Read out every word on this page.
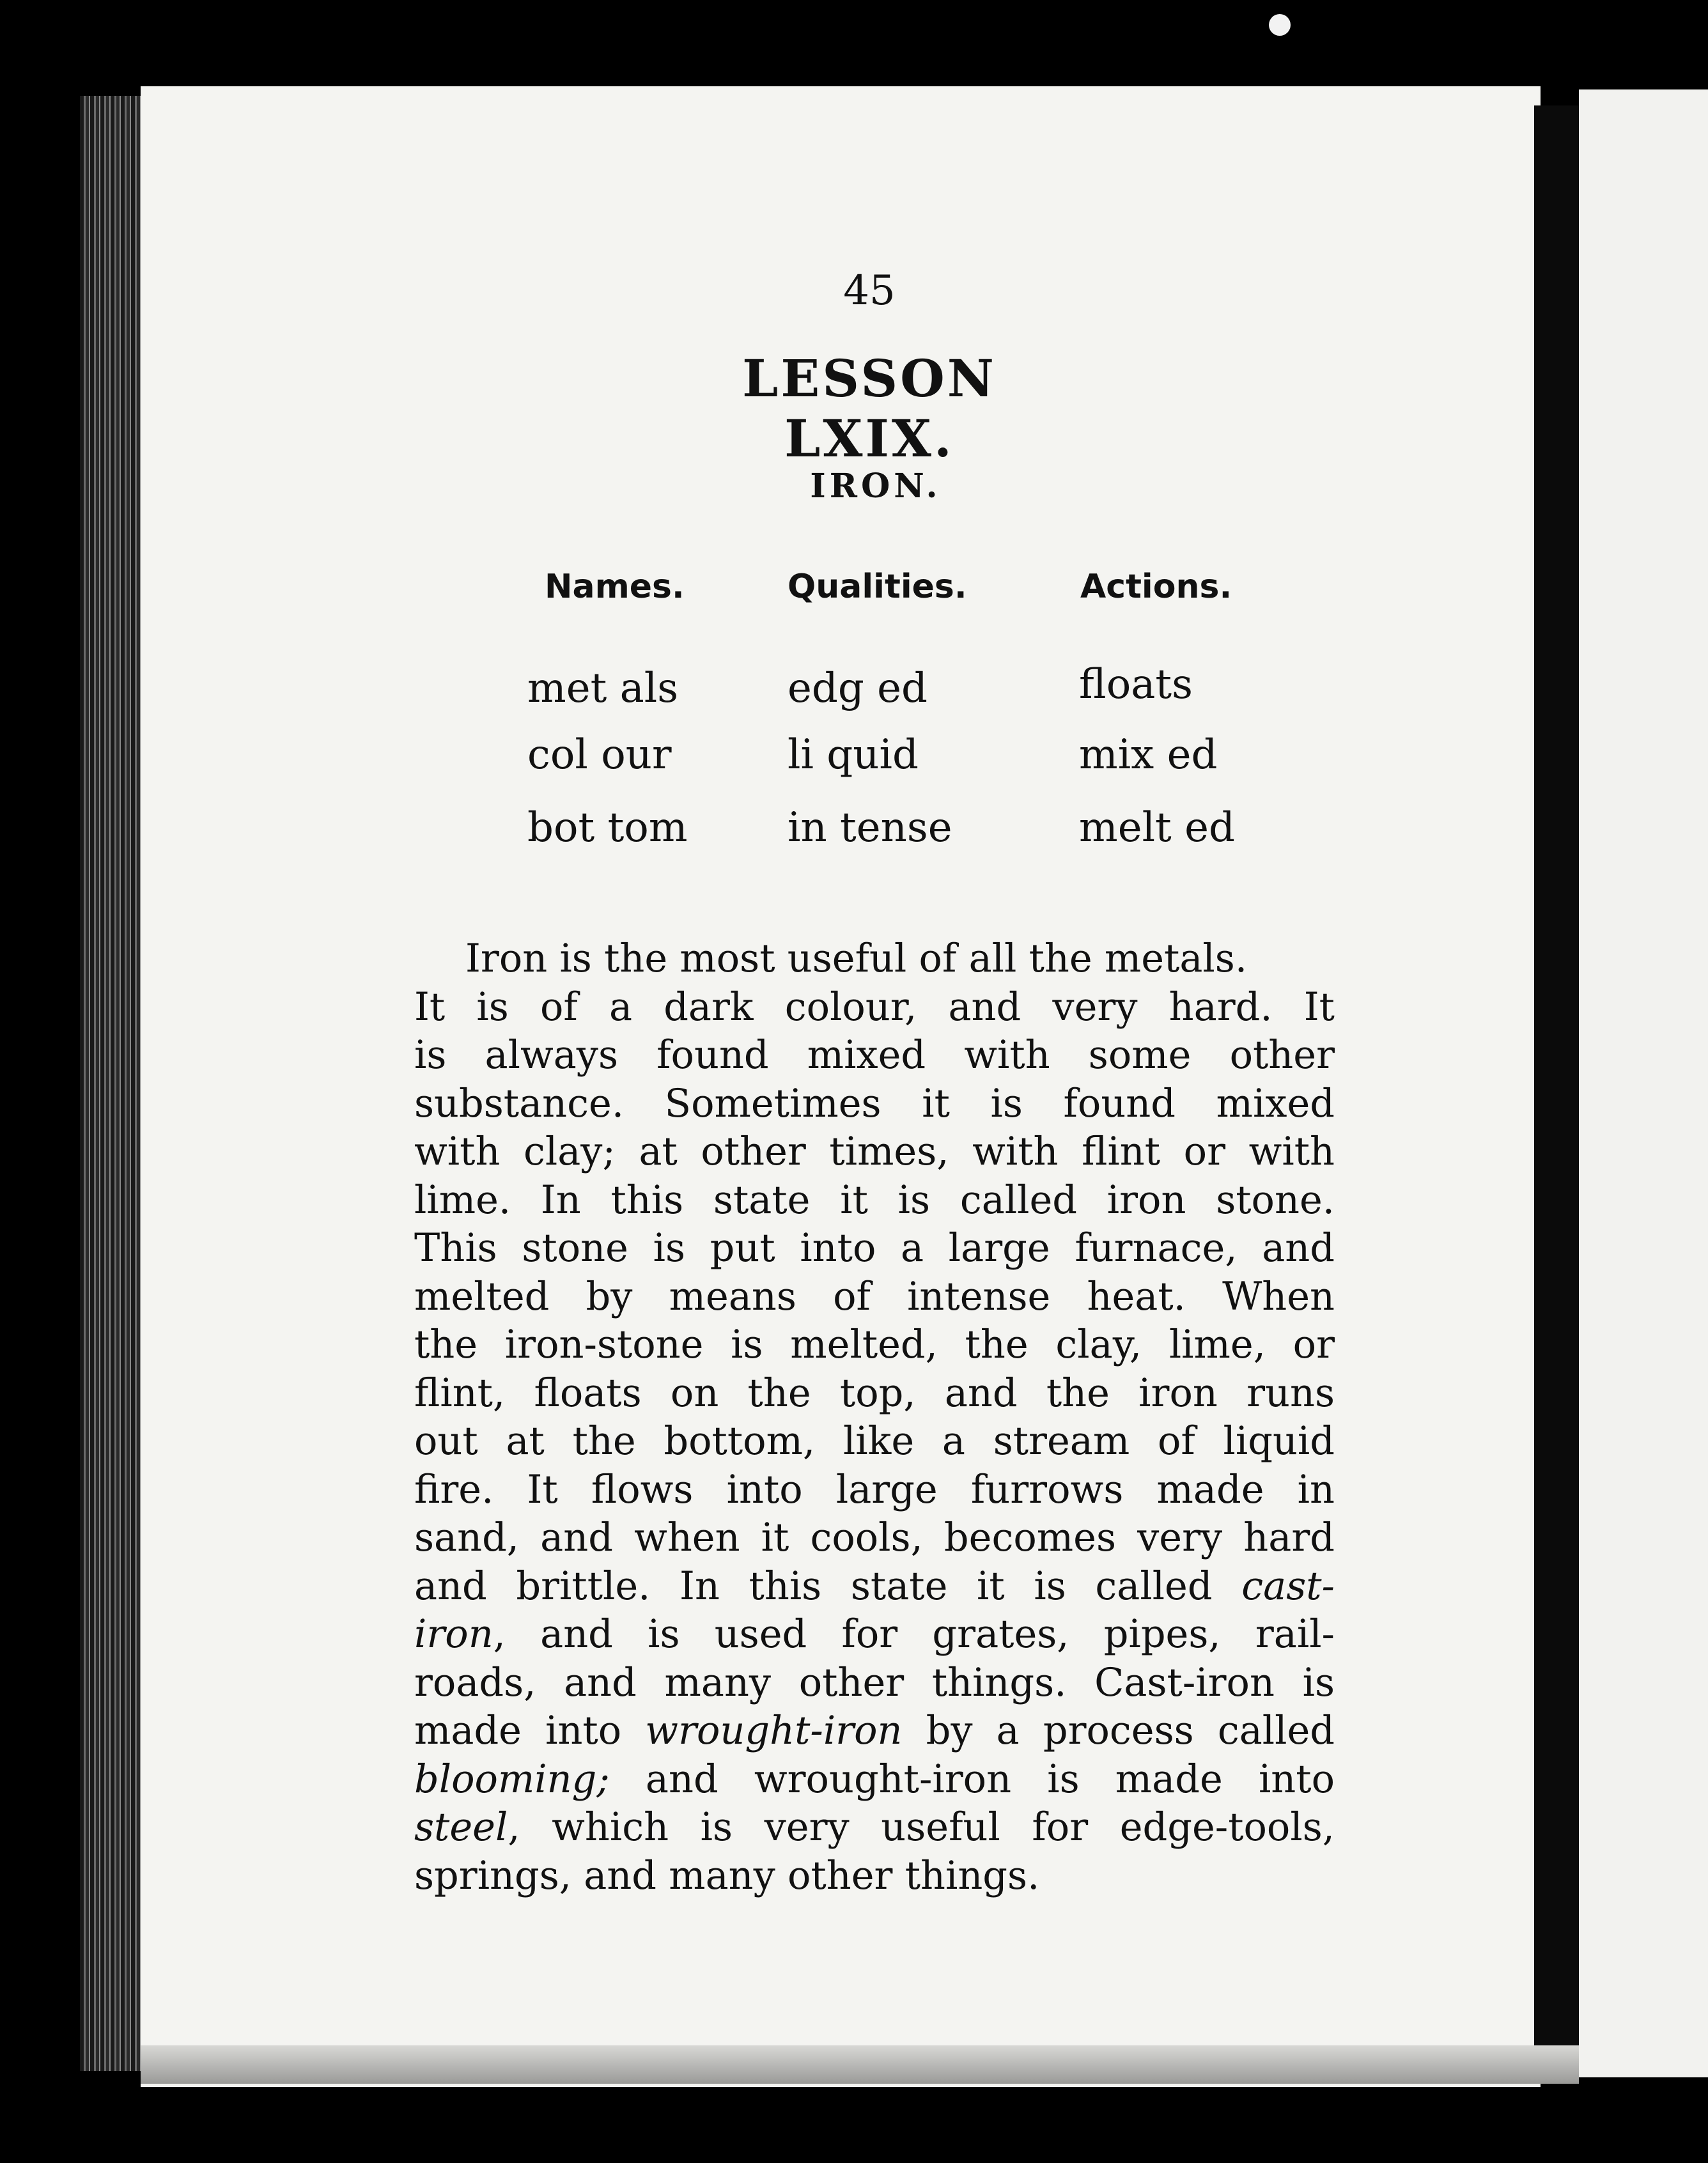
45
LESSON LXIX.
IRON.
Names.	Qualities.	Actions.
met als
col our
bot tom
edg ed
li quid
in tense
floats
mix ed
melt ed
Iron is the most useful of all the metals.
It is of a dark colour, and very hard. It
is always found mixed with some other
substance. Sometimes it is found mixed
with clay; at other times, with flint or with
lime. In this state it is called iron stone.
This stone is put into a large furnace, and
melted by means of intense heat. When
the iron-stone is melted, the clay, lime, or
flint, floats on the top, and the iron runs
out at the bottom, like a stream of liquid
fire. It flows into large furrows made in
sand, and when it cools, becomes very hard
and brittle. In this state it is called cast-
iron, and is used for grates, pipes, rail-
roads, and many other things. Cast-iron is
made into wrought-iron by a process called
blooming; and wrought-iron is made into
steel, which is very useful for edge-tools,
springs, and many other things.
